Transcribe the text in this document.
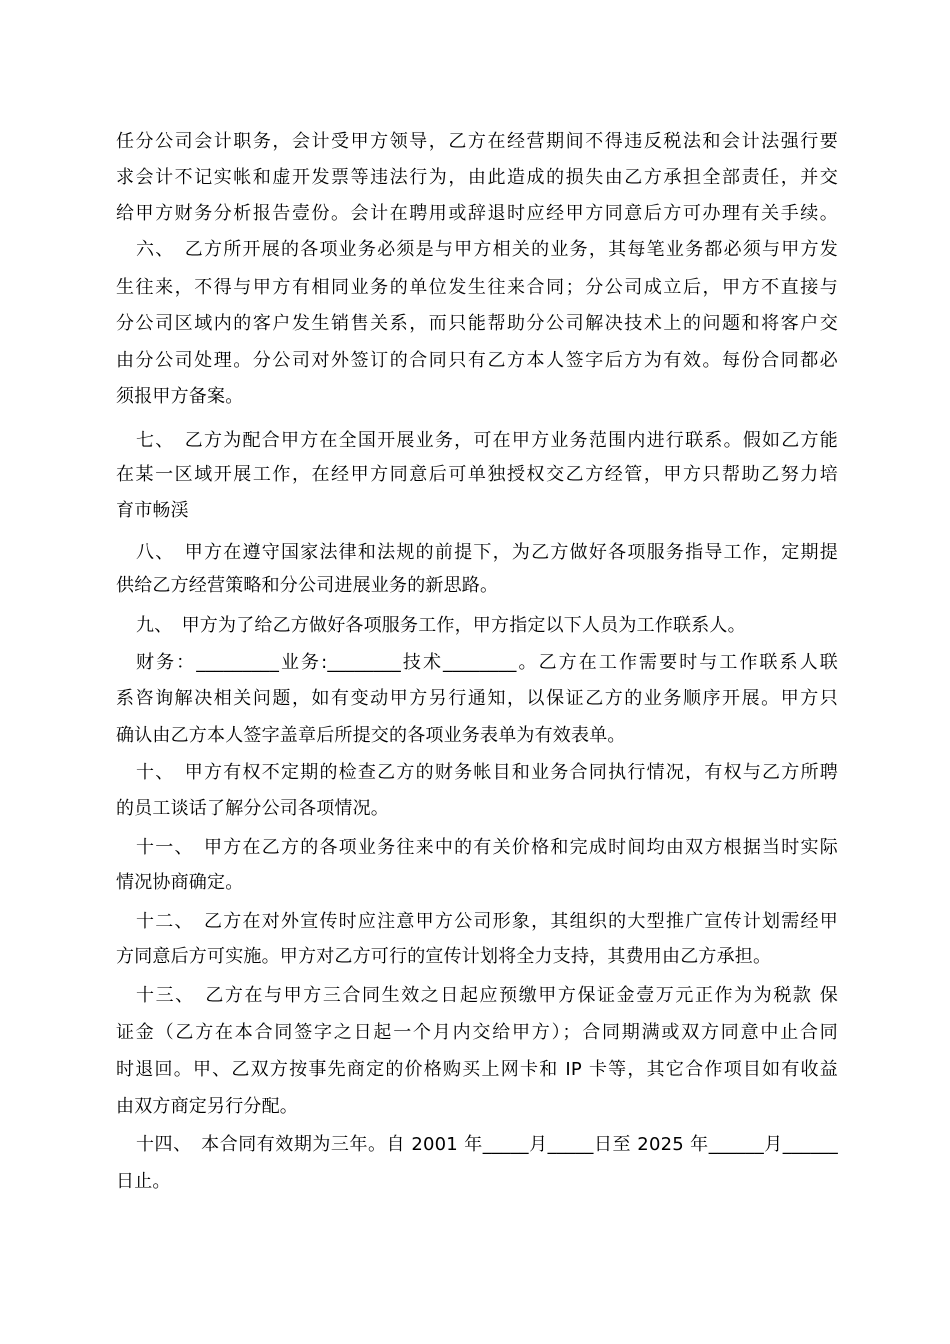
任分公司会计职务，会计受甲方领导，乙方在经营期间不得违反税法和会计法强行要
求会计不记实帐和虚开发票等违法行为，由此造成的损失由乙方承担全部责任，并交
给甲方财务分析报告壹份。会计在聘用或辞退时应经甲方同意后方可办理有关手续。
六、　乙方所开展的各项业务必须是与甲方相关的业务，其每笔业务都必须与甲方发
生往来，不得与甲方有相同业务的单位发生往来合同；分公司成立后，甲方不直接与
分公司区域内的客户发生销售关系，而只能帮助分公司解决技术上的问题和将客户交
由分公司处理。分公司对外签订的合同只有乙方本人签字后方为有效。每份合同都必
须报甲方备案。
七、　乙方为配合甲方在全国开展业务，可在甲方业务范围内进行联系。假如乙方能
在某一区域开展工作，在经甲方同意后可单独授权交乙方经管，甲方只帮助乙努力培
育市畅渓
八、　甲方在遵守国家法律和法规的前提下，为乙方做好各项服务指导工作，定期提
供给乙方经营策略和分公司进展业务的新思路。
九、　甲方为了给乙方做好各项服务工作，甲方指定以下人员为工作联系人。
财务：_________业务:________技术________。乙方在工作需要时与工作联系人联
系咨询解决相关问题，如有变动甲方另行通知，以保证乙方的业务顺序开展。甲方只
确认由乙方本人签字盖章后所提交的各项业务表单为有效表单。
十、　甲方有权不定期的检查乙方的财务帐目和业务合同执行情况，有权与乙方所聘
的员工谈话了解分公司各项情况。
十一、　甲方在乙方的各项业务往来中的有关价格和完成时间均由双方根据当时实际
情况协商确定。
十二、　乙方在对外宣传时应注意甲方公司形象，其组织的大型推广宣传计划需经甲
方同意后方可实施。甲方对乙方可行的宣传计划将全力支持，其费用由乙方承担。
十三、　乙方在与甲方三合同生效之日起应预缴甲方保证金壹万元正作为为税款 保
证金（乙方在本合同签字之日起一个月内交给甲方）；合同期满或双方同意中止合同
时退回。甲、乙双方按事先商定的价格购买上网卡和 IP 卡等，其它合作项目如有收益
由双方商定另行分配。
十四、　本合同有效期为三年。自 2001 年_____月_____日至 2025 年______月______
日止。
